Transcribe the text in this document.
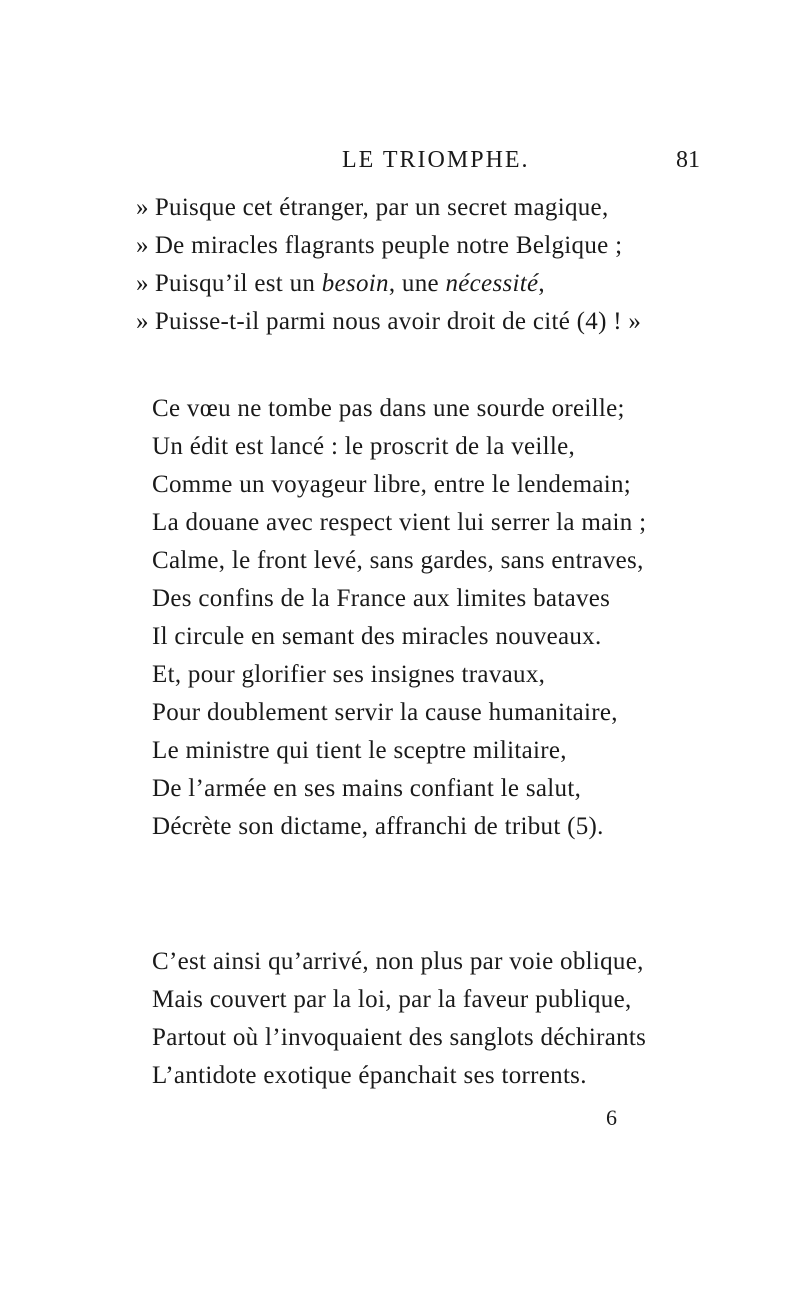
LE TRIOMPHE.	81
» Puisque cet étranger, par un secret magique,
» De miracles flagrants peuple notre Belgique ;
» Puisqu’il est un besoin, une nécessité,
» Puisse-t-il parmi nous avoir droit de cité (4) ! »
Ce vœu ne tombe pas dans une sourde oreille;
Un édit est lancé : le proscrit de la veille,
Comme un voyageur libre, entre le lendemain;
La douane avec respect vient lui serrer la main ;
Calme, le front levé, sans gardes, sans entraves,
Des confins de la France aux limites bataves
Il circule en semant des miracles nouveaux.
Et, pour glorifier ses insignes travaux,
Pour doublement servir la cause humanitaire,
Le ministre qui tient le sceptre militaire,
De l’armée en ses mains confiant le salut,
Décrète son dictame, affranchi de tribut (5).
C’est ainsi qu’arrivé, non plus par voie oblique,
Mais couvert par la loi, par la faveur publique,
Partout où l’invoquaient des sanglots déchirants
L’antidote exotique épanchait ses torrents.
6
